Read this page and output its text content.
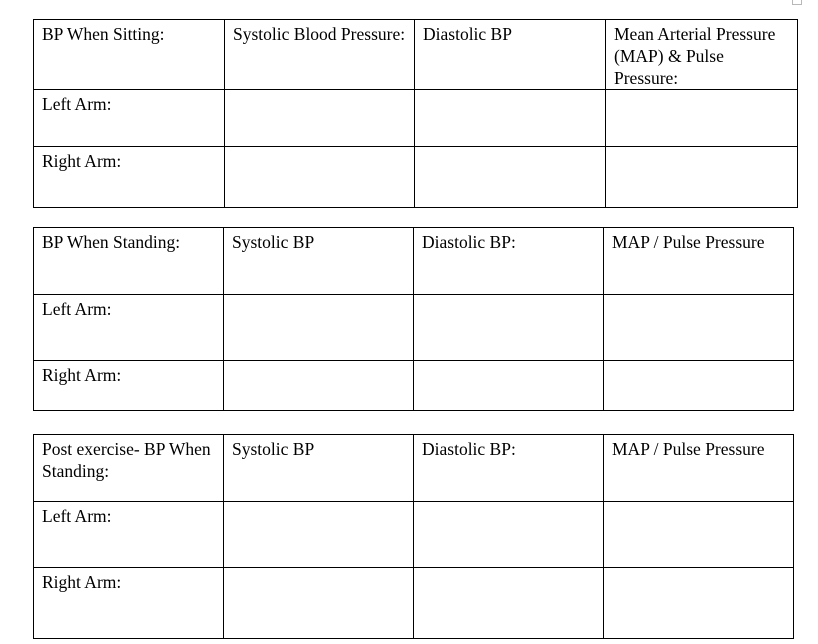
BP When Sitting:	Systolic Blood Pressure:	Diastolic BP	Mean Arterial Pressure (MAP) & Pulse Pressure:
Left Arm:			
Right Arm:			
BP When Standing:	Systolic BP	Diastolic BP:	MAP / Pulse Pressure
Left Arm:			
Right Arm:			
Post exercise- BP When Standing:	Systolic BP	Diastolic BP:	MAP / Pulse Pressure
Left Arm:			
Right Arm:			
